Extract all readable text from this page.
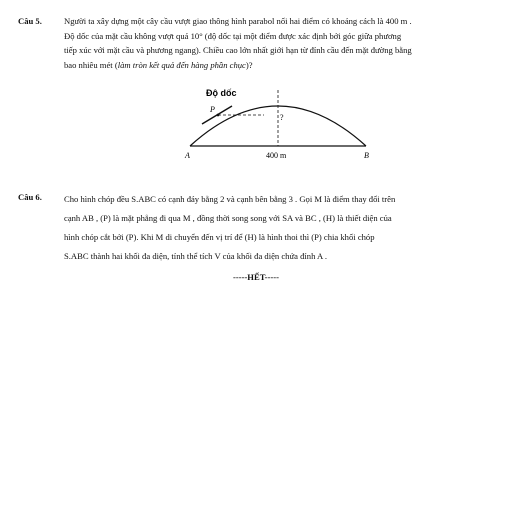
Câu 5.	Người ta xây dựng một cây cầu vượt giao thông hình parabol nối hai điểm có khoảng cách là 400 m .
Độ dốc của mặt cầu không vượt quá 10° (độ dốc tại một điểm được xác định bởi góc giữa phương
tiếp xúc với mặt cầu và phương ngang). Chiều cao lớn nhất giới hạn từ đỉnh cầu đến mặt đường bằng
bao nhiêu mét (làm tròn kết quả đến hàng phần chục)?
Độ dốc
P
?
A	B
400 m
Câu 6.	Cho hình chóp đều S.ABC có cạnh đáy bằng 2 và cạnh bên bằng 3 . Gọi M là điểm thay đổi trên
cạnh AB , (P) là mặt phẳng đi qua M , đồng thời song song với SA và BC , (H) là thiết diện của
hình chóp cắt bởi (P). Khi M di chuyển đến vị trí để (H) là hình thoi thì (P) chia khối chóp
S.ABC thành hai khối đa diện, tính thể tích V của khối đa diện chứa đỉnh A .
-----HẾT-----
